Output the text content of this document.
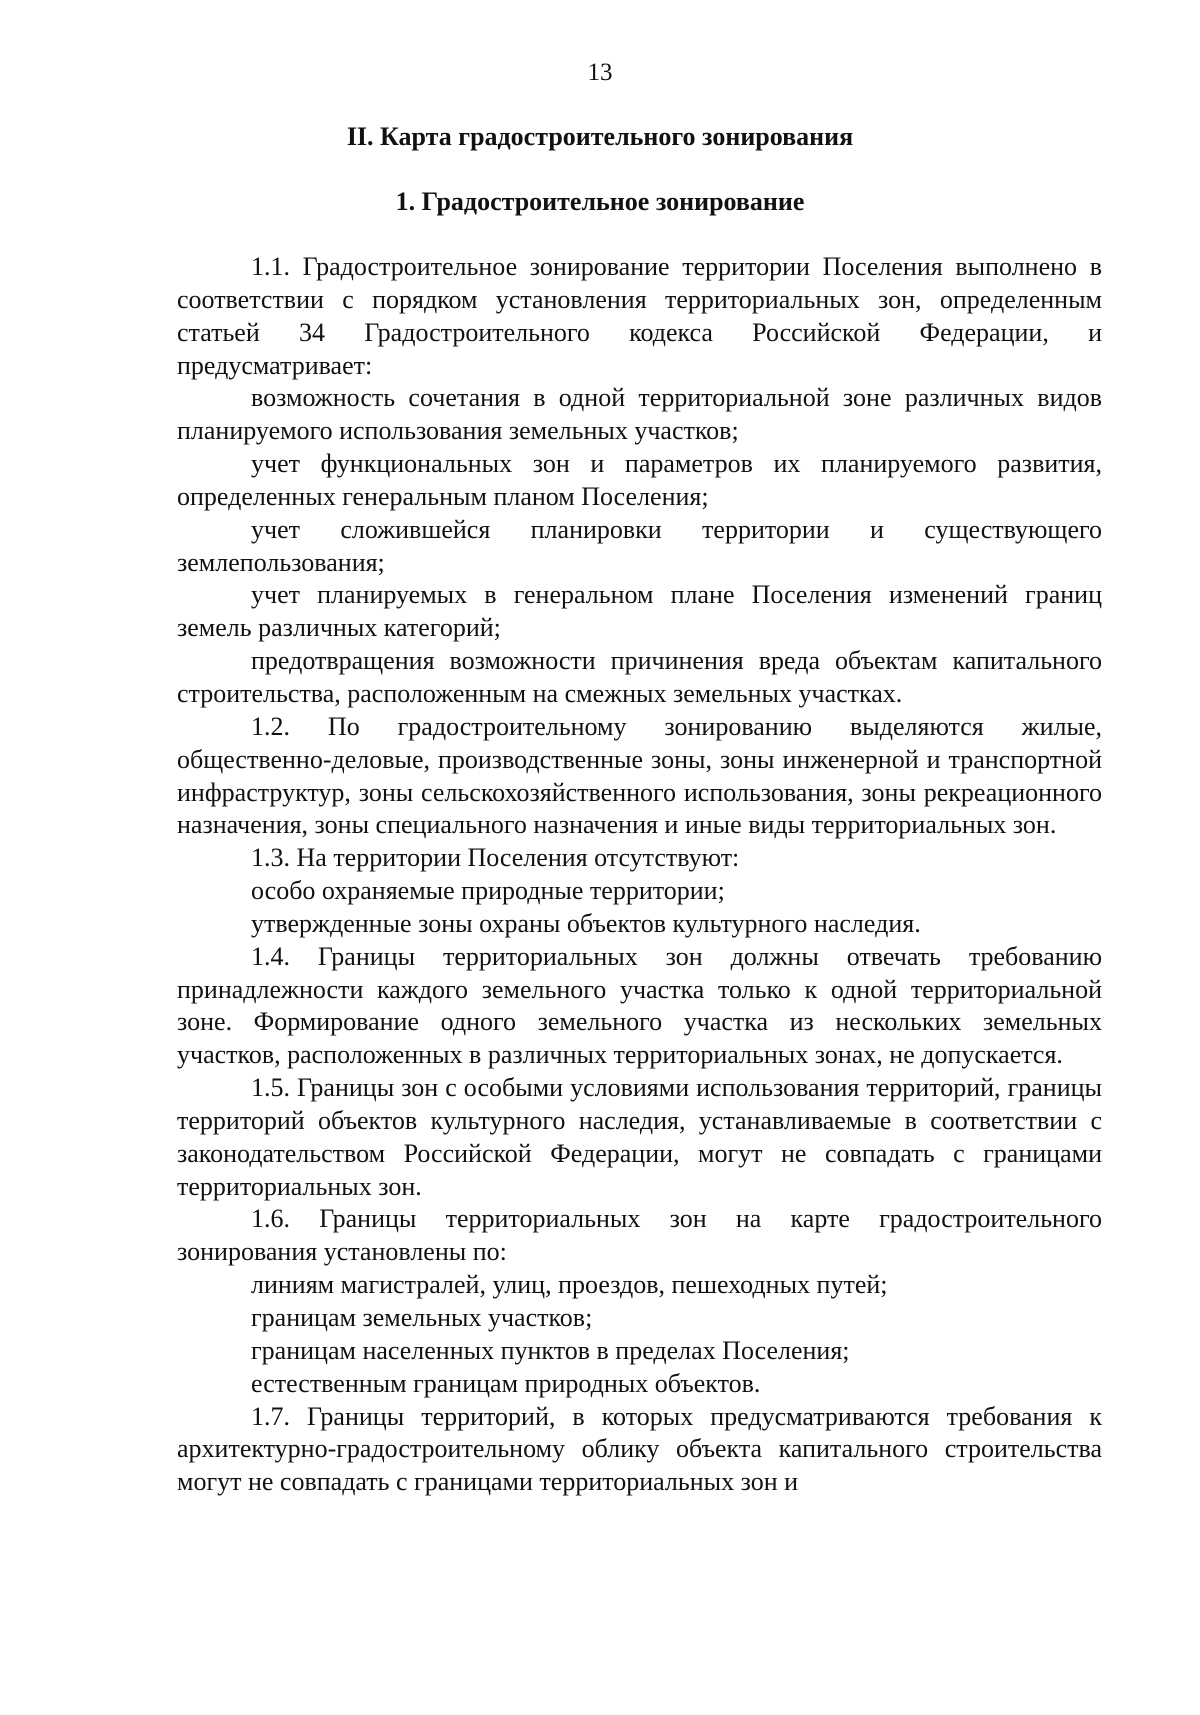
13
II. Карта градостроительного зонирования
1. Градостроительное зонирование

1.1. Градостроительное зонирование территории Поселения выполнено в соответствии с порядком установления территориальных зон, определенным статьей 34 Градостроительного кодекса Российской Федерации, и предусматривает:

возможность сочетания в одной территориальной зоне различных видов планируемого использования земельных участков;

учет функциональных зон и параметров их планируемого развития, определенных генеральным планом Поселения;

учет сложившейся планировки территории и существующего землепользования;

учет планируемых в генеральном плане Поселения изменений границ земель различных категорий;

предотвращения возможности причинения вреда объектам капитального строительства, расположенным на смежных земельных участках.

1.2. По градостроительному зонированию выделяются жилые, общественно-деловые, производственные зоны, зоны инженерной и транспортной инфраструктур, зоны сельскохозяйственного использования, зоны рекреационного назначения, зоны специального назначения и иные виды территориальных зон.

1.3. На территории Поселения отсутствуют:

особо охраняемые природные территории;

утвержденные зоны охраны объектов культурного наследия.

1.4. Границы территориальных зон должны отвечать требованию принадлежности каждого земельного участка только к одной территориальной зоне. Формирование одного земельного участка из нескольких земельных участков, расположенных в различных территориальных зонах, не допускается.

1.5. Границы зон с особыми условиями использования территорий, границы территорий объектов культурного наследия, устанавливаемые в соответствии с законодательством Российской Федерации, могут не совпадать с границами территориальных зон.

1.6. Границы территориальных зон на карте градостроительного зонирования установлены по:

линиям магистралей, улиц, проездов, пешеходных путей;

границам земельных участков;

границам населенных пунктов в пределах Поселения;

естественным границам природных объектов.

1.7. Границы территорий, в которых предусматриваются требования к архитектурно-градостроительному облику объекта капитального строительства могут не совпадать с границами территориальных зон и
